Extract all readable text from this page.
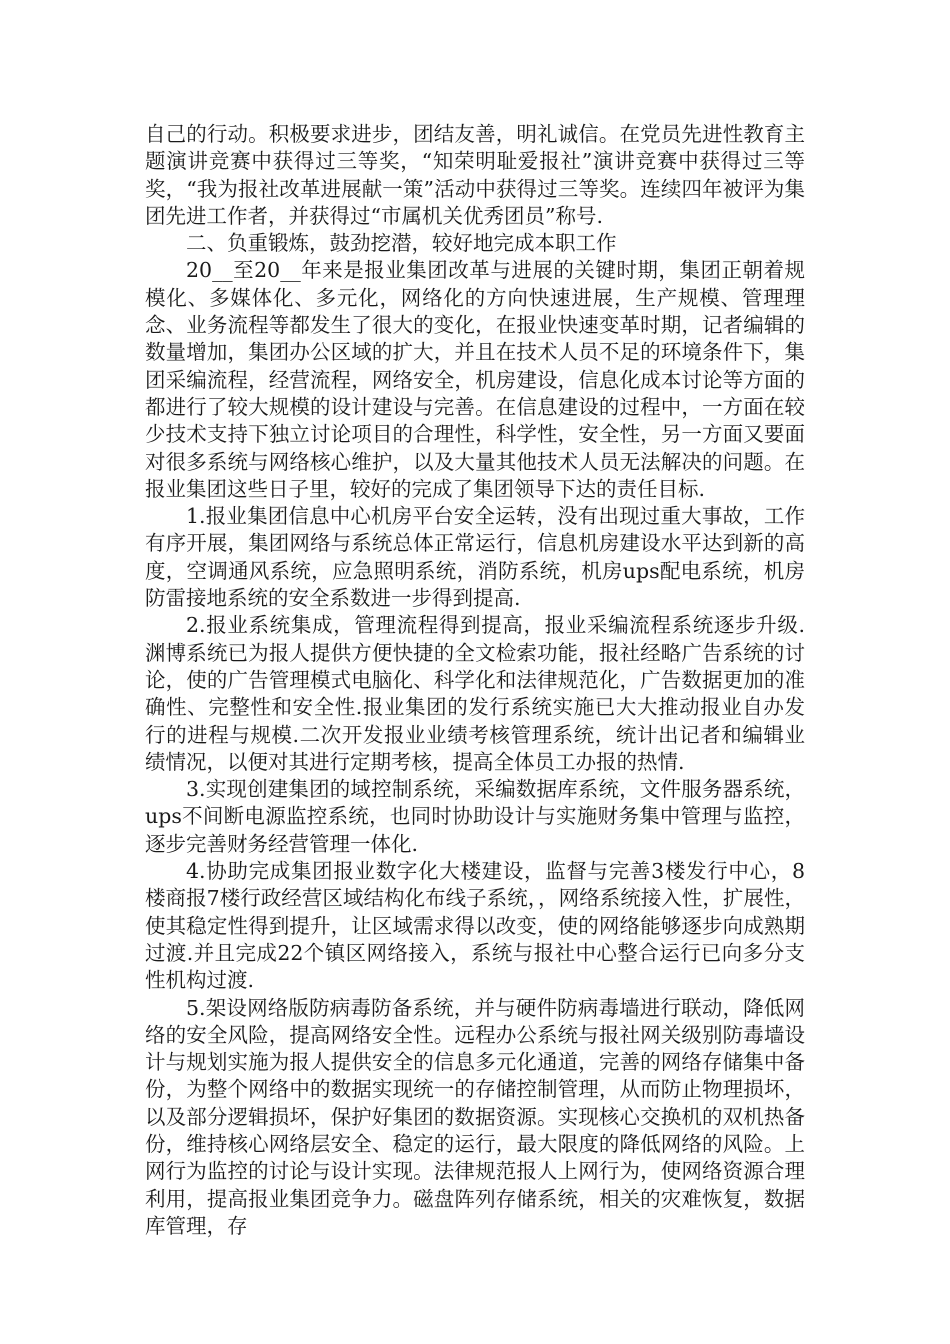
自己的行动。积极要求进步，团结友善，明礼诚信。在党员先进性教育主题演讲竞赛中获得过三等奖，“知荣明耻爱报社”演讲竞赛中获得过三等奖，“我为报社改革进展献一策”活动中获得过三等奖。连续四年被评为集团先进工作者，并获得过“市属机关优秀团员”称号.

二、负重锻炼，鼓劲挖潜，较好地完成本职工作

20__至20__年来是报业集团改革与进展的关键时期，集团正朝着规模化、多媒体化、多元化，网络化的方向快速进展，生产规模、管理理念、业务流程等都发生了很大的变化，在报业快速变革时期，记者编辑的数量增加，集团办公区域的扩大，并且在技术人员不足的环境条件下，集团采编流程，经营流程，网络安全，机房建设，信息化成本讨论等方面的都进行了较大规模的设计建设与完善。在信息建设的过程中，一方面在较少技术支持下独立讨论项目的合理性，科学性，安全性，另一方面又要面对很多系统与网络核心维护，以及大量其他技术人员无法解决的问题。在报业集团这些日子里，较好的完成了集团领导下达的责任目标.

1.报业集团信息中心机房平台安全运转，没有出现过重大事故，工作有序开展，集团网络与系统总体正常运行，信息机房建设水平达到新的高度，空调通风系统，应急照明系统，消防系统，机房ups配电系统，机房防雷接地系统的安全系数进一步得到提高.

2.报业系统集成，管理流程得到提高，报业采编流程系统逐步升级.渊博系统已为报人提供方便快捷的全文检索功能，报社经略广告系统的讨论，使的广告管理模式电脑化、科学化和法律规范化，广告数据更加的准确性、完整性和安全性.报业集团的发行系统实施已大大推动报业自办发行的进程与规模.二次开发报业业绩考核管理系统，统计出记者和编辑业绩情况，以便对其进行定期考核，提高全体员工办报的热情.

3.实现创建集团的域控制系统，采编数据库系统，文件服务器系统，ups不间断电源监控系统，也同时协助设计与实施财务集中管理与监控，逐步完善财务经营管理一体化.

4.协助完成集团报业数字化大楼建设，监督与完善3楼发行中心，8楼商报7楼行政经营区域结构化布线子系统，，网络系统接入性，扩展性，使其稳定性得到提升，让区域需求得以改变，使的网络能够逐步向成熟期过渡.并且完成22个镇区网络接入，系统与报社中心整合运行已向多分支性机构过渡.

5.架设网络版防病毒防备系统，并与硬件防病毒墙进行联动，降低网络的安全风险，提高网络安全性。远程办公系统与报社网关级别防毒墙设计与规划实施为报人提供安全的信息多元化通道，完善的网络存储集中备份，为整个网络中的数据实现统一的存储控制管理，从而防止物理损坏，以及部分逻辑损坏，保护好集团的数据资源。实现核心交换机的双机热备份，维持核心网络层安全、稳定的运行，最大限度的降低网络的风险。上网行为监控的讨论与设计实现。法律规范报人上网行为，使网络资源合理利用，提高报业集团竞争力。磁盘阵列存储系统，相关的灾难恢复，数据库管理，存
